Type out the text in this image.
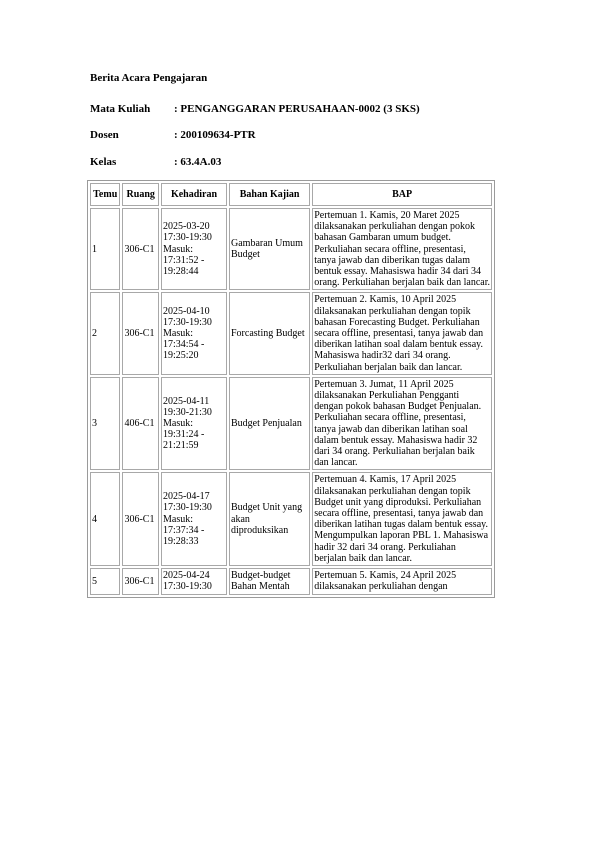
Berita Acara Pengajaran
Mata Kuliah : PENGANGGARAN PERUSAHAAN-0002 (3 SKS)
Dosen	: 200109634-PTR
Kelas	: 63.4A.03
Temu	Ruang	Kehadiran	Bahan Kajian	BAP
1	306-C1	2025-03-20 17:30-19:30 Masuk: 17:31:52 - 19:28:44	Gambaran Umum Budget	Pertemuan 1. Kamis, 20 Maret 2025 dilaksanakan perkuliahan dengan pokok bahasan Gambaran umum budget. Perkuliahan secara offline, presentasi, tanya jawab dan diberikan tugas dalam bentuk essay. Mahasiswa hadir 34 dari 34 orang. Perkuliahan berjalan baik dan lancar.
2	306-C1	2025-04-10 17:30-19:30 Masuk: 17:34:54 - 19:25:20	Forcasting Budget	Pertemuan 2. Kamis, 10 April 2025 dilaksanakan perkuliahan dengan topik bahasan Forecasting Budget. Perkuliahan secara offline, presentasi, tanya jawab dan diberikan latihan soal dalam bentuk essay. Mahasiswa hadir32 dari 34 orang. Perkuliahan berjalan baik dan lancar.
3	406-C1	2025-04-11 19:30-21:30 Masuk: 19:31:24 - 21:21:59	Budget Penjualan	Pertemuan 3. Jumat, 11 April 2025 dilaksanakan Perkuliahan Pengganti dengan pokok bahasan Budget Penjualan. Perkuliahan secara offline, presentasi, tanya jawab dan diberikan latihan soal dalam bentuk essay. Mahasiswa hadir 32 dari 34 orang. Perkuliahan berjalan baik dan lancar.
4	306-C1	2025-04-17 17:30-19:30 Masuk: 17:37:34 - 19:28:33	Budget Unit yang akan diproduksikan	Pertemuan 4. Kamis, 17 April 2025 dilaksanakan perkuliahan dengan topik Budget unit yang diproduksi. Perkuliahan secara offline, presentasi, tanya jawab dan diberikan latihan tugas dalam bentuk essay. Mengumpulkan laporan PBL 1. Mahasiswa hadir 32 dari 34 orang. Perkuliahan berjalan baik dan lancar.
5	306-C1	2025-04-24 17:30-19:30	Budget-budget Bahan Mentah	Pertemuan 5. Kamis, 24 April 2025 dilaksanakan perkuliahan dengan
